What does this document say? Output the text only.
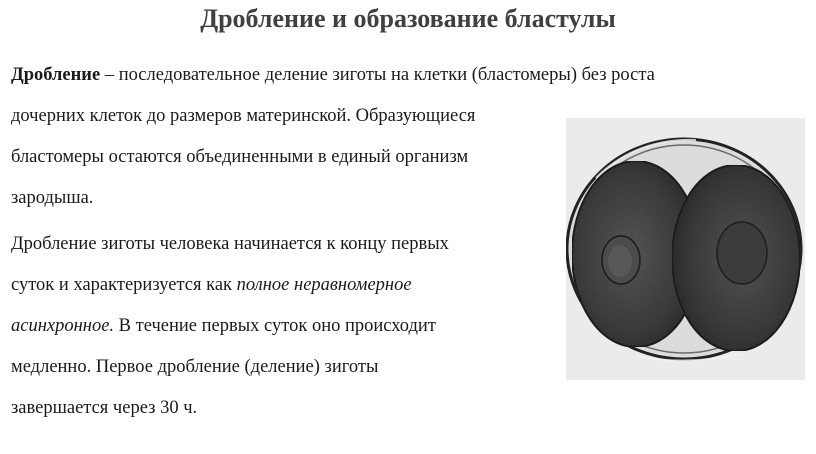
Дробление и образование бластулы

Дробление – последовательное деление зиготы на клетки (бластомеры) без роста
дочерних клеток до размеров материнской. Образующиеся
бластомеры остаются объединенными в единый организм
зародыша.

Дробление зиготы человека начинается к концу первых
суток и характеризуется как полное неравномерное
асинхронное. В течение первых суток оно происходит
медленно. Первое дробление (деление) зиготы
завершается через 30 ч.
